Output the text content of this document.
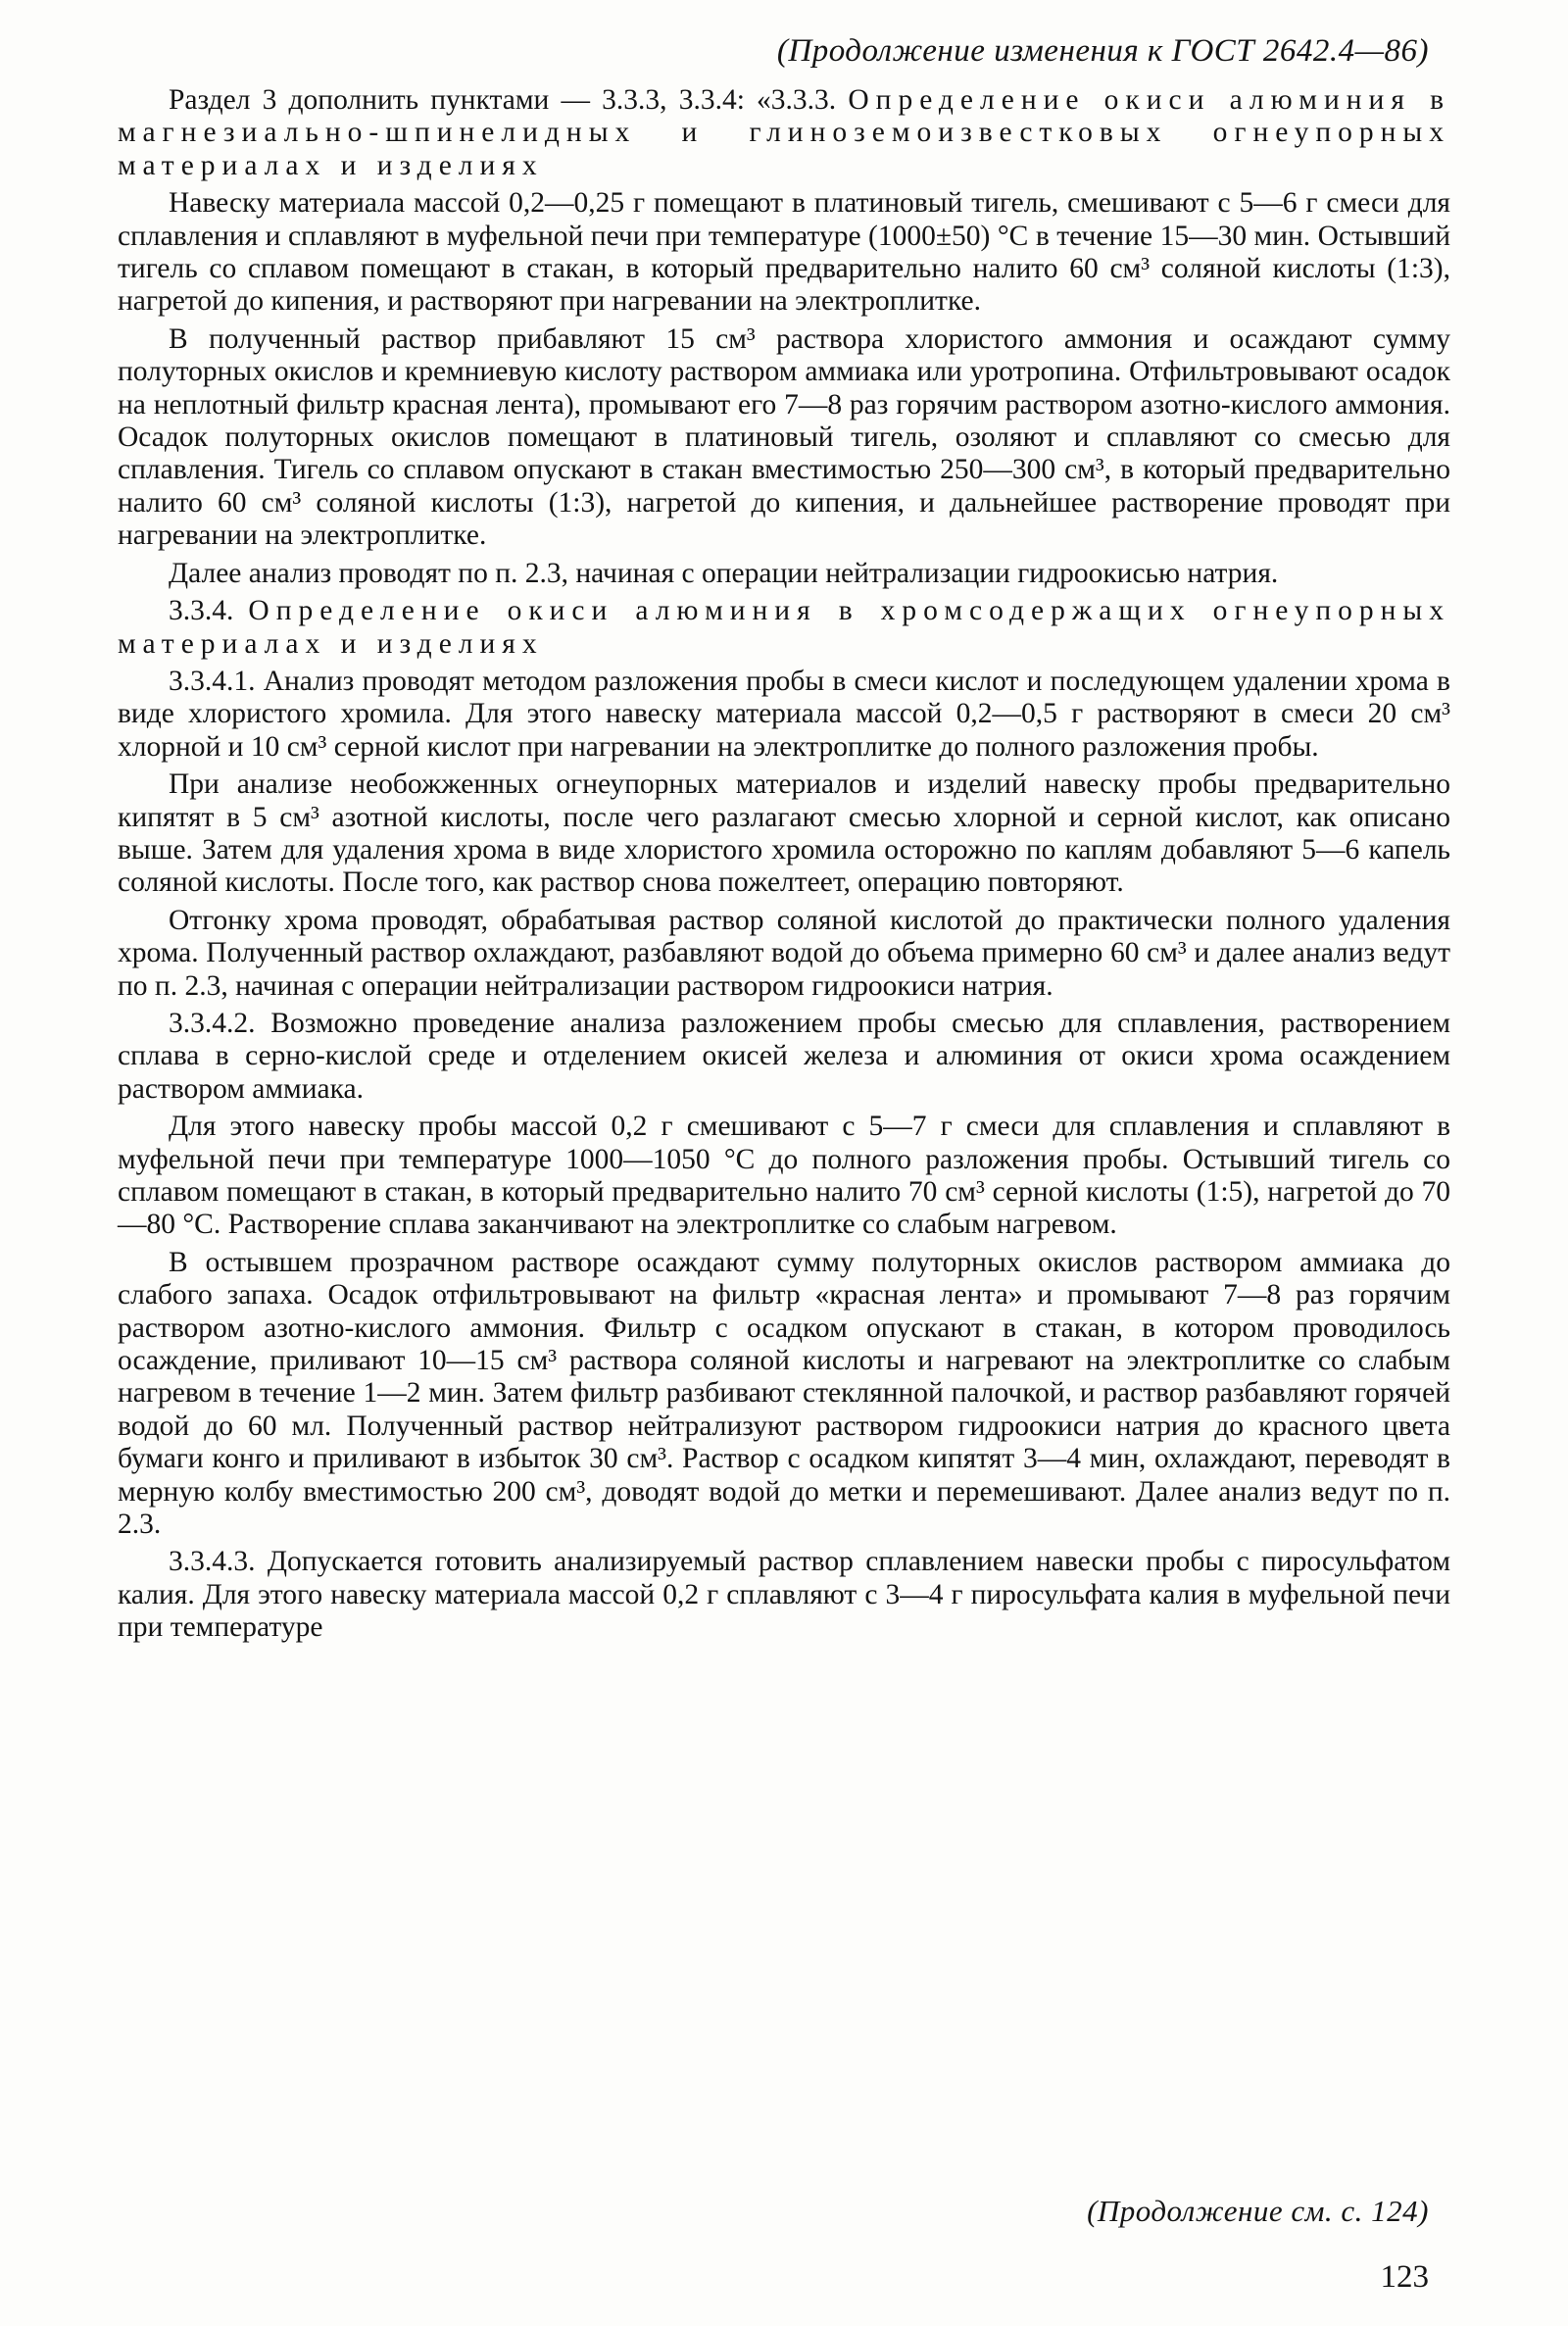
(Продолжение изменения к ГОСТ 2642.4—86)

Раздел 3 дополнить пунктами — 3.3.3, 3.3.4: «3.3.3. Определение окиси алюминия в магнезиально-шпинелидных и глиноземоизвестковых огнеупорных материалах и изделиях

Навеску материала массой 0,2—0,25 г помещают в платиновый тигель, смешивают с 5—6 г смеси для сплавления и сплавляют в муфельной печи при температуре (1000±50) °С в течение 15—30 мин. Остывший тигель со сплавом помещают в стакан, в который предварительно налито 60 см³ соляной кислоты (1:3), нагретой до кипения, и растворяют при нагревании на электроплитке.

В полученный раствор прибавляют 15 см³ раствора хлористого аммония и осаждают сумму полуторных окислов и кремниевую кислоту раствором аммиака или уротропина. Отфильтровывают осадок на неплотный фильтр красная лента), промывают его 7—8 раз горячим раствором азотно-кислого аммония. Осадок полуторных окислов помещают в платиновый тигель, озоляют и сплавляют со смесью для сплавления. Тигель со сплавом опускают в стакан вместимостью 250—300 см³, в который предварительно налито 60 см³ соляной кислоты (1:3), нагретой до кипения, и дальнейшее растворение проводят при нагревании на электроплитке.

Далее анализ проводят по п. 2.3, начиная с операции нейтрализации гидроокисью натрия.

3.3.4. Определение окиси алюминия в хромсодержащих огнеупорных материалах и изделиях

3.3.4.1. Анализ проводят методом разложения пробы в смеси кислот и последующем удалении хрома в виде хлористого хромила. Для этого навеску материала массой 0,2—0,5 г растворяют в смеси 20 см³ хлорной и 10 см³ серной кислот при нагревании на электроплитке до полного разложения пробы.

При анализе необожженных огнеупорных материалов и изделий навеску пробы предварительно кипятят в 5 см³ азотной кислоты, после чего разлагают смесью хлорной и серной кислот, как описано выше. Затем для удаления хрома в виде хлористого хромила осторожно по каплям добавляют 5—6 капель соляной кислоты. После того, как раствор снова пожелтеет, операцию повторяют.

Отгонку хрома проводят, обрабатывая раствор соляной кислотой до практически полного удаления хрома. Полученный раствор охлаждают, разбавляют водой до объема примерно 60 см³ и далее анализ ведут по п. 2.3, начиная с операции нейтрализации раствором гидроокиси натрия.

3.3.4.2. Возможно проведение анализа разложением пробы смесью для сплавления, растворением сплава в серно-кислой среде и отделением окисей железа и алюминия от окиси хрома осаждением раствором аммиака.

Для этого навеску пробы массой 0,2 г смешивают с 5—7 г смеси для сплавления и сплавляют в муфельной печи при температуре 1000—1050 °С до полного разложения пробы. Остывший тигель со сплавом помещают в стакан, в который предварительно налито 70 см³ серной кислоты (1:5), нагретой до 70—80 °С. Растворение сплава заканчивают на электроплитке со слабым нагревом.

В остывшем прозрачном растворе осаждают сумму полуторных окислов раствором аммиака до слабого запаха. Осадок отфильтровывают на фильтр «красная лента» и промывают 7—8 раз горячим раствором азотно-кислого аммония. Фильтр с осадком опускают в стакан, в котором проводилось осаждение, приливают 10—15 см³ раствора соляной кислоты и нагревают на электроплитке со слабым нагревом в течение 1—2 мин. Затем фильтр разбивают стеклянной палочкой, и раствор разбавляют горячей водой до 60 мл. Полученный раствор нейтрализуют раствором гидроокиси натрия до красного цвета бумаги конго и приливают в избыток 30 см³. Раствор с осадком кипятят 3—4 мин, охлаждают, переводят в мерную колбу вместимостью 200 см³, доводят водой до метки и перемешивают. Далее анализ ведут по п. 2.3.

3.3.4.3. Допускается готовить анализируемый раствор сплавлением навески пробы с пиросульфатом калия. Для этого навеску материала массой 0,2 г сплавляют с 3—4 г пиросульфата калия в муфельной печи при температуре

(Продолжение см. с. 124)
123
